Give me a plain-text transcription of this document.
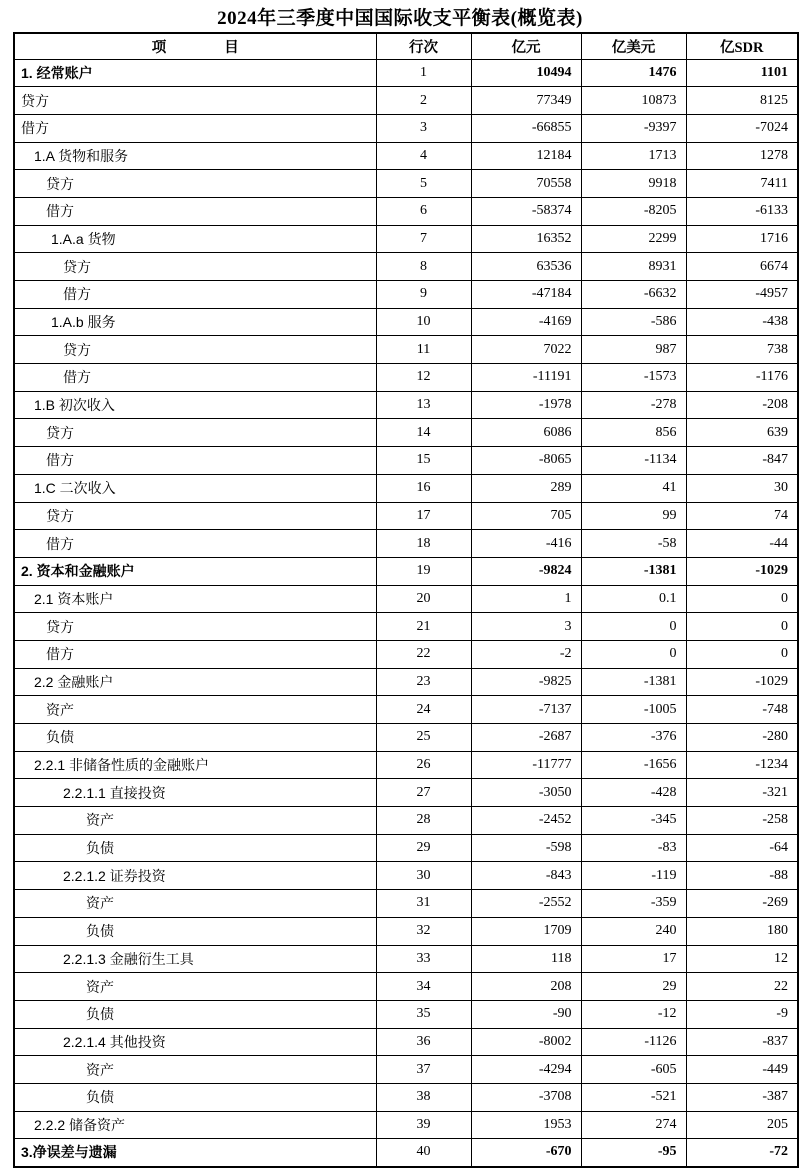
2024年三季度中国国际收支平衡表(概览表)
项　　　　目	行次	亿元	亿美元	亿SDR
1. 经常账户	1	10494	1476	1101
贷方	2	77349	10873	8125
借方	3	-66855	-9397	-7024
1.A 货物和服务	4	12184	1713	1278
贷方	5	70558	9918	7411
借方	6	-58374	-8205	-6133
1.A.a 货物	7	16352	2299	1716
贷方	8	63536	8931	6674
借方	9	-47184	-6632	-4957
1.A.b 服务	10	-4169	-586	-438
贷方	11	7022	987	738
借方	12	-11191	-1573	-1176
1.B 初次收入	13	-1978	-278	-208
贷方	14	6086	856	639
借方	15	-8065	-1134	-847
1.C 二次收入	16	289	41	30
贷方	17	705	99	74
借方	18	-416	-58	-44
2. 资本和金融账户	19	-9824	-1381	-1029
2.1 资本账户	20	1	0.1	0
贷方	21	3	0	0
借方	22	-2	0	0
2.2 金融账户	23	-9825	-1381	-1029
资产	24	-7137	-1005	-748
负债	25	-2687	-376	-280
2.2.1 非储备性质的金融账户	26	-11777	-1656	-1234
2.2.1.1 直接投资	27	-3050	-428	-321
资产	28	-2452	-345	-258
负债	29	-598	-83	-64
2.2.1.2 证券投资	30	-843	-119	-88
资产	31	-2552	-359	-269
负债	32	1709	240	180
2.2.1.3 金融衍生工具	33	118	17	12
资产	34	208	29	22
负债	35	-90	-12	-9
2.2.1.4 其他投资	36	-8002	-1126	-837
资产	37	-4294	-605	-449
负债	38	-3708	-521	-387
2.2.2 储备资产	39	1953	274	205
3.净误差与遗漏	40	-670	-95	-72
